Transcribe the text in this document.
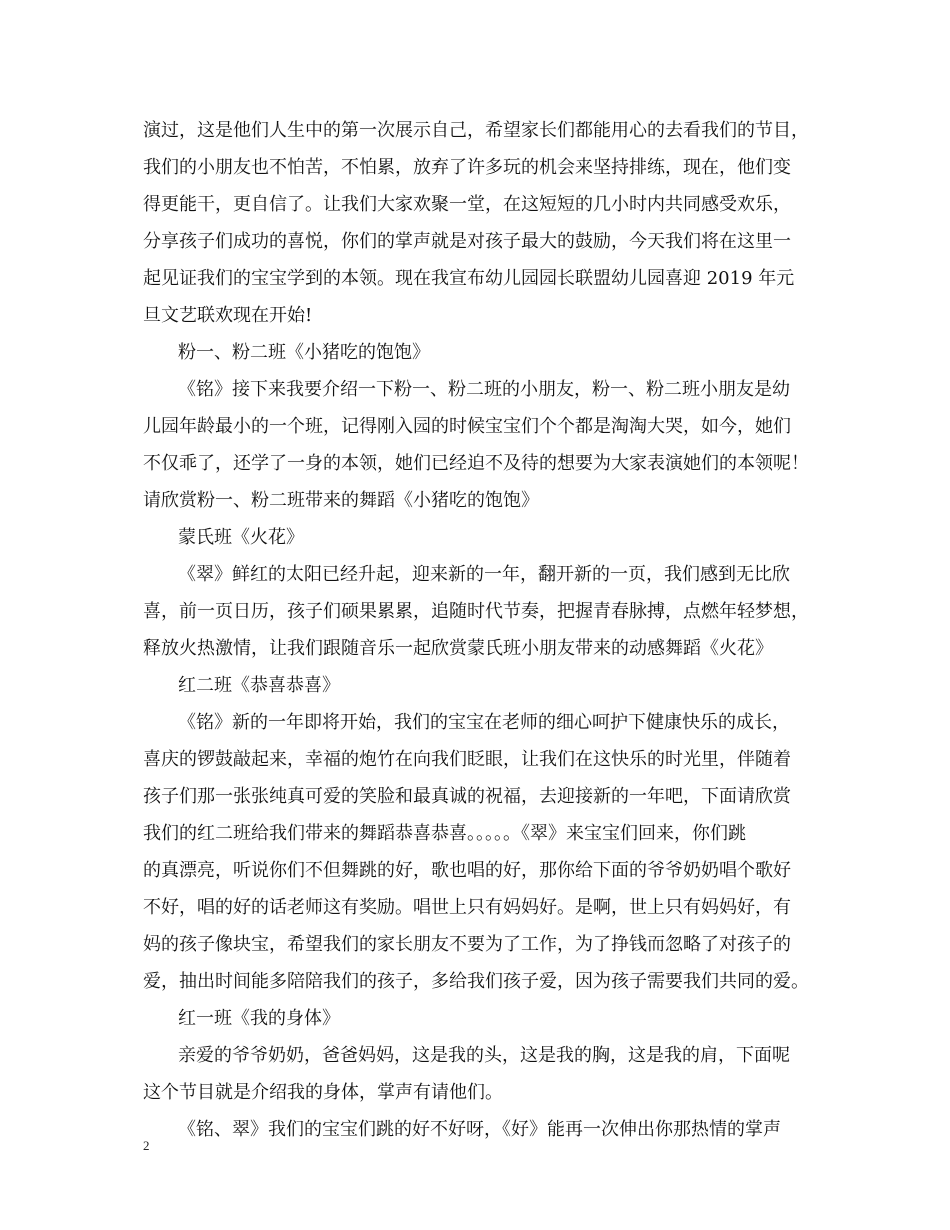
演过，这是他们人生中的第一次展示自己，希望家长们都能用心的去看我们的节目，
我们的小朋友也不怕苦，不怕累，放弃了许多玩的机会来坚持排练，现在，他们变
得更能干，更自信了。让我们大家欢聚一堂，在这短短的几小时内共同感受欢乐，
分享孩子们成功的喜悦，你们的掌声就是对孩子最大的鼓励，今天我们将在这里一
起见证我们的宝宝学到的本领。现在我宣布幼儿园园长联盟幼儿园喜迎 2019 年元
旦文艺联欢现在开始!
粉一、粉二班《小猪吃的饱饱》
《铭》接下来我要介绍一下粉一、粉二班的小朋友，粉一、粉二班小朋友是幼
儿园年龄最小的一个班，记得刚入园的时候宝宝们个个都是淘淘大哭，如今，她们
不仅乖了，还学了一身的本领，她们已经迫不及待的想要为大家表演她们的本领呢！
请欣赏粉一、粉二班带来的舞蹈《小猪吃的饱饱》
蒙氏班《火花》
《翠》鲜红的太阳已经升起，迎来新的一年，翻开新的一页，我们感到无比欣
喜，前一页日历，孩子们硕果累累，追随时代节奏，把握青春脉搏，点燃年轻梦想，
释放火热激情，让我们跟随音乐一起欣赏蒙氏班小朋友带来的动感舞蹈《火花》
红二班《恭喜恭喜》
《铭》新的一年即将开始，我们的宝宝在老师的细心呵护下健康快乐的成长，
喜庆的锣鼓敲起来，幸福的炮竹在向我们眨眼，让我们在这快乐的时光里，伴随着
孩子们那一张张纯真可爱的笑脸和最真诚的祝福，去迎接新的一年吧，下面请欣赏
我们的红二班给我们带来的舞蹈恭喜恭喜。。。。。《翠》来宝宝们回来，你们跳
的真漂亮，听说你们不但舞跳的好，歌也唱的好，那你给下面的爷爷奶奶唱个歌好
不好，唱的好的话老师这有奖励。唱世上只有妈妈好。是啊，世上只有妈妈好，有
妈的孩子像块宝，希望我们的家长朋友不要为了工作，为了挣钱而忽略了对孩子的
爱，抽出时间能多陪陪我们的孩子，多给我们孩子爱，因为孩子需要我们共同的爱。
红一班《我的身体》
亲爱的爷爷奶奶，爸爸妈妈，这是我的头，这是我的胸，这是我的肩，下面呢
这个节目就是介绍我的身体，掌声有请他们。
《铭、翠》我们的宝宝们跳的好不好呀，《好》能再一次伸出你那热情的掌声
2
